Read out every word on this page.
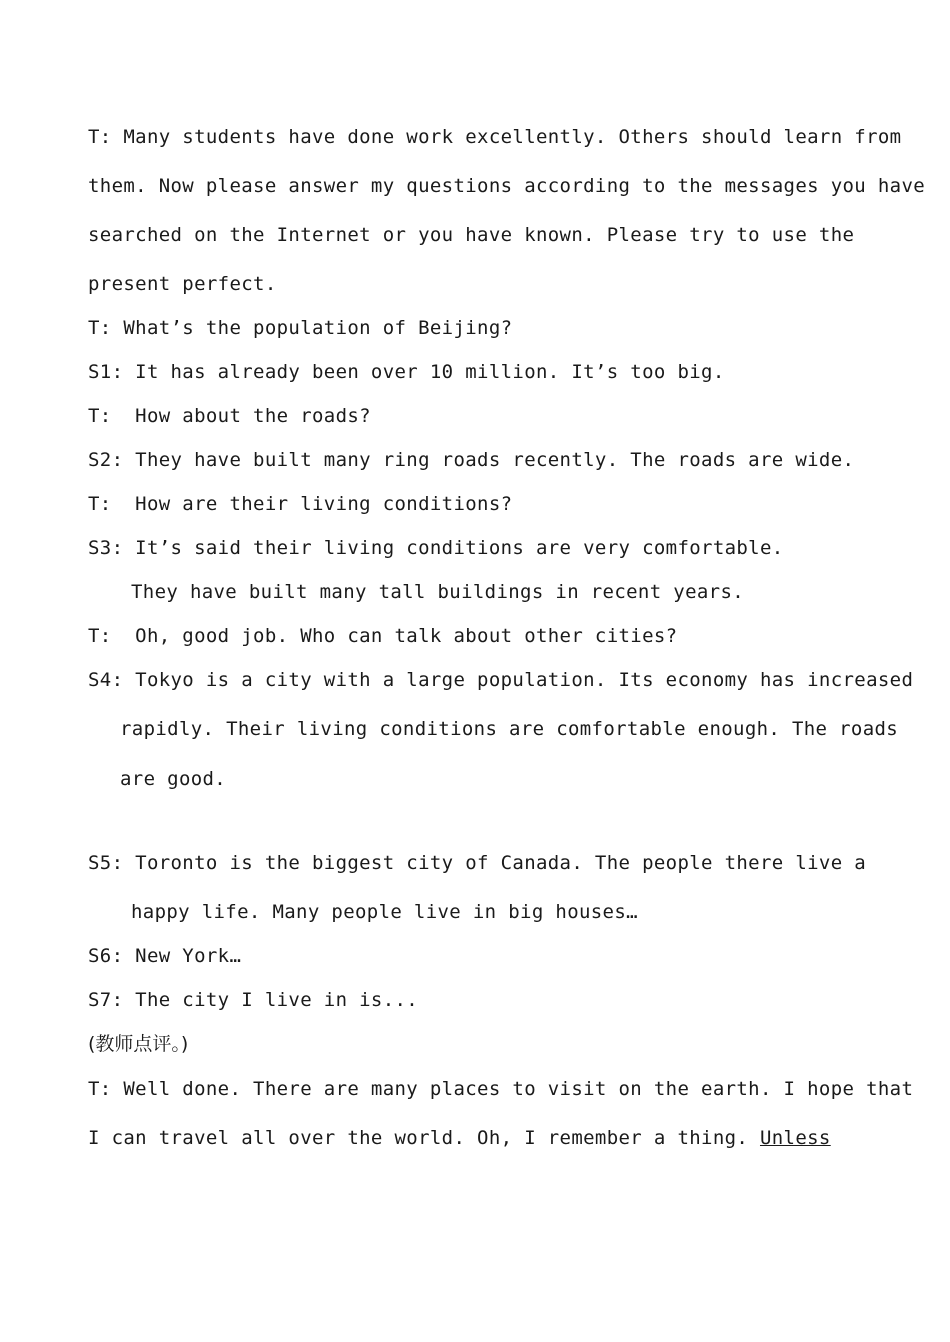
T: Many students have done work excellently. Others should learn from

them. Now please answer my questions according to the messages you have

searched on the Internet or you have known. Please try to use the

present perfect.

T: What’s the population of Beijing?

S1: It has already been over 10 million. It’s too big.

T:  How about the roads?

S2: They have built many ring roads recently. The roads are wide.

T:  How are their living conditions?

S3: It’s said their living conditions are very comfortable.

They have built many tall buildings in recent years.

T:  Oh, good job. Who can talk about other cities?

S4: Tokyo is a city with a large population. Its economy has increased

rapidly. Their living conditions are comfortable enough. The roads

are good.

S5: Toronto is the biggest city of Canada. The people there live a

happy life. Many people live in big houses…

S6: New York…

S7: The city I live in is...

(教师点评。)

T: Well done. There are many places to visit on the earth. I hope that

I can travel all over the world. Oh, I remember a thing. Unless
